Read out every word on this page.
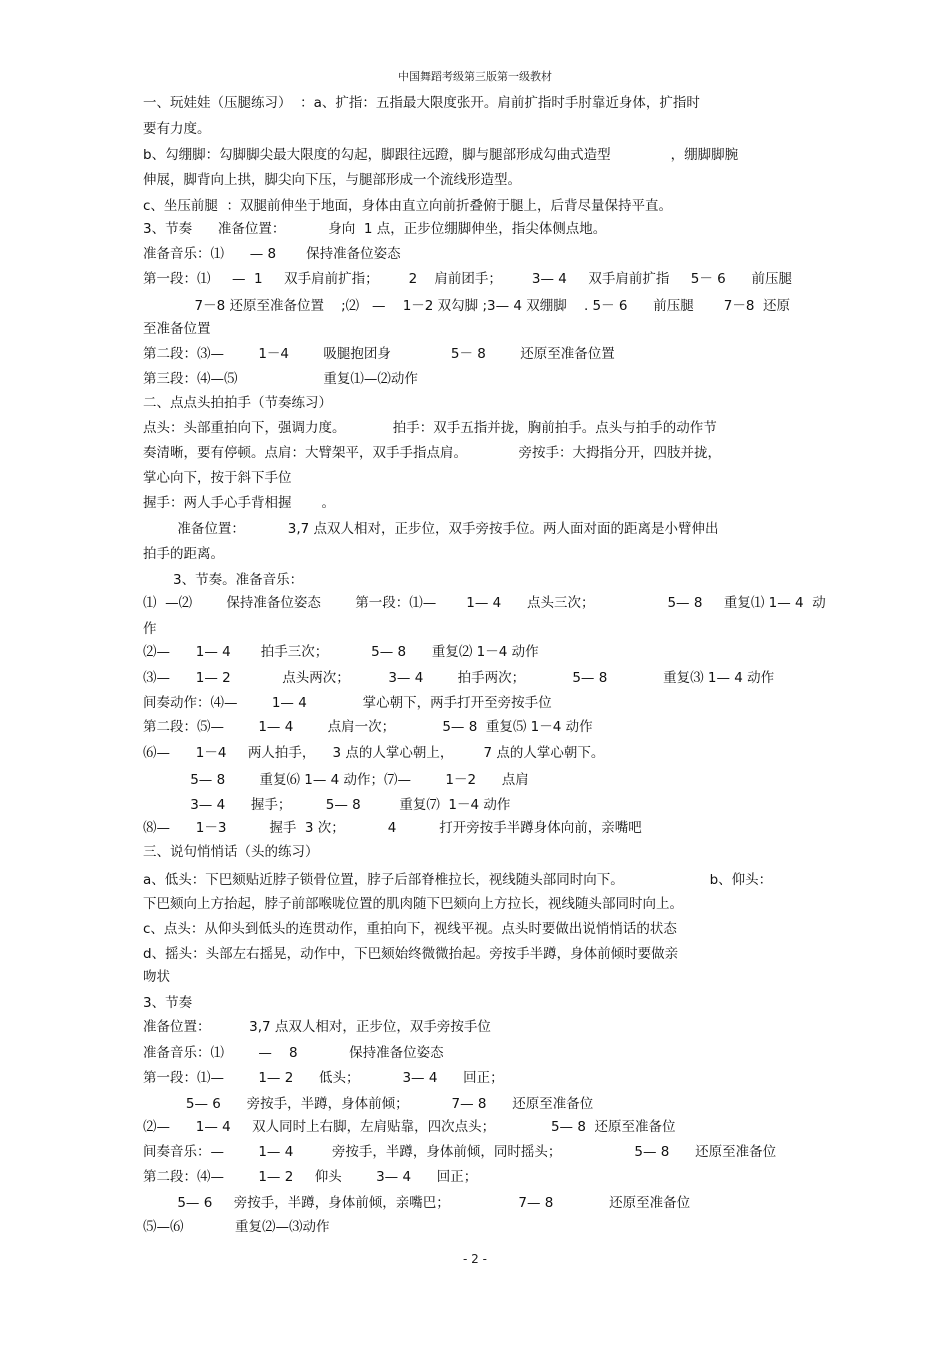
中国舞蹈考级第三版第一级教材
一、玩娃娃（压腿练习）  ：a、扩指：五指最大限度张开。肩前扩指时手肘靠近身体，扩指时
要有力度。
b、勾绷脚：勾脚脚尖最大限度的勾起，脚跟往远蹬，脚与腿部形成勾曲式造型              ，绷脚脚腕
伸展，脚背向上拱，脚尖向下压，与腿部形成一个流线形造型。
c、坐压前腿  ：双腿前伸坐于地面，身体由直立向前折叠俯于腿上，后背尽量保持平直。
3、节奏      准备位置：          身向  1 点，正步位绷脚伸坐，指尖体侧点地。
准备音乐：⑴      — 8       保持准备位姿态
第一段：⑴     —  1     双手肩前扩指；       2    肩前团手；       3— 4     双手肩前扩指     5－ 6      前压腿
7－8 还原至准备位置    ;⑵   —    1－2 双勾脚 ;3— 4 双绷脚    . 5－ 6      前压腿       7－8  还原
至准备位置
第二段：⑶—        1－4        吸腿抱团身              5－ 8        还原至准备位置
第三段：⑷—⑸                    重复⑴—⑵动作
二、点点头拍拍手（节奏练习）
点头：头部重拍向下，强调力度。           拍手：双手五指并拢，胸前拍手。点头与拍手的动作节
奏清晰，要有停顿。点肩：大臂架平，双手手指点肩。            旁按手：大拇指分开，四肢并拢，
掌心向下，按于斜下手位
握手：两人手心手背相握       。
准备位置：          3,7 点双人相对，正步位，双手旁按手位。两人面对面的距离是小臂伸出
拍手的距离。
3、节奏。准备音乐：
⑴  —⑵        保持准备位姿态        第一段：⑴—       1— 4      点头三次；                 5— 8     重复⑴ 1— 4  动
作
⑵—      1— 4       拍手三次；          5— 8      重复⑵ 1－4 动作
⑶—      1— 2            点头两次；         3— 4        拍手两次；           5— 8             重复⑶ 1— 4 动作
间奏动作：⑷—        1— 4             掌心朝下，两手打开至旁按手位
第二段：⑸—        1— 4        点肩一次；           5— 8  重复⑸ 1－4 动作
⑹—      1－4     两人拍手，    3 点的人掌心朝上，       7 点的人掌心朝下。
5— 8        重复⑹ 1— 4 动作；⑺—        1－2      点肩
3— 4      握手；        5— 8         重复⑺  1－4 动作
⑻—      1－3          握手  3 次；          4          打开旁按手半蹲身体向前，亲嘴吧
三、说句悄悄话（头的练习）
a、低头：下巴颏贴近脖子锁骨位置，脖子后部脊椎拉长，视线随头部同时向下。                    b、仰头：
下巴颏向上方抬起，脖子前部喉咙位置的肌肉随下巴颏向上方拉长，视线随头部同时向上。
c、点头：从仰头到低头的连贯动作，重拍向下，视线平视。点头时要做出说悄悄话的状态
d、摇头：头部左右摇晃，动作中，下巴颏始终微微抬起。旁按手半蹲，身体前倾时要做亲
吻状
3、节奏
准备位置：         3,7 点双人相对，正步位，双手旁按手位
准备音乐：⑴        —    8            保持准备位姿态
第一段：⑴—        1— 2      低头；          3— 4      回正；
5— 6      旁按手，半蹲，身体前倾；          7— 8      还原至准备位
⑵—      1— 4     双人同时上右脚，左肩贴靠，四次点头；             5— 8  还原至准备位
间奏音乐：—        1— 4         旁按手，半蹲，身体前倾，同时摇头；                 5— 8      还原至准备位
第二段：⑷—        1— 2     仰头        3— 4      回正；
5— 6     旁按手，半蹲，身体前倾，亲嘴巴；                7— 8             还原至准备位
⑸—⑹            重复⑵—⑶动作
- 2 -
